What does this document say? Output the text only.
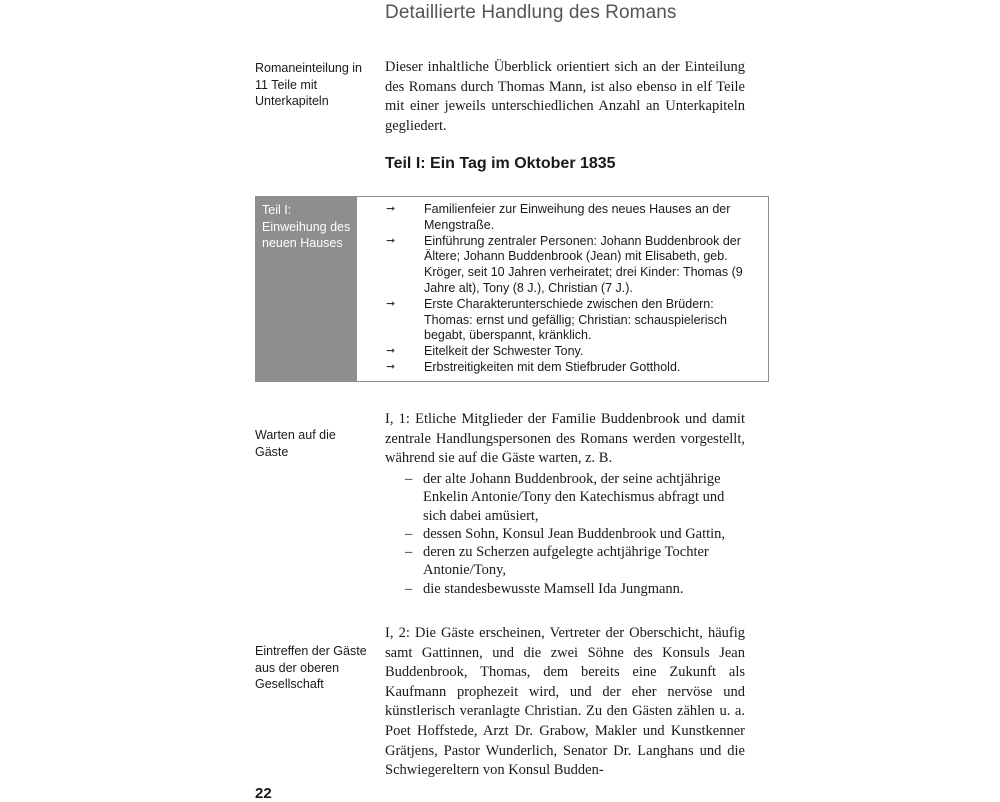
Detaillierte Handlung des Romans
Romaneinteilung in 11 Teile mit Unterkapiteln
Dieser inhaltliche Überblick orientiert sich an der Einteilung des Romans durch Thomas Mann, ist also ebenso in elf Teile mit einer jeweils unterschiedlichen Anzahl an Unterkapiteln gegliedert.
Teil I: Ein Tag im Oktober 1835
Teil I: Einweihung des neuen Hauses
➞ Familienfeier zur Einweihung des neues Hauses an der Mengstraße.
➞ Einführung zentraler Personen: Johann Buddenbrook der Ältere; Johann Buddenbrook (Jean) mit Elisabeth, geb. Kröger, seit 10 Jahren verheiratet; drei Kinder: Thomas (9 Jahre alt), Tony (8 J.), Christian (7 J.).
➞ Erste Charakterunterschiede zwischen den Brüdern: Thomas: ernst und gefällig; Christian: schauspielerisch begabt, überspannt, kränklich.
➞ Eitelkeit der Schwester Tony.
➞ Erbstreitigkeiten mit dem Stiefbruder Gotthold.
Warten auf die Gäste
I, 1: Etliche Mitglieder der Familie Buddenbrook und damit zentrale Handlungspersonen des Romans werden vorgestellt, während sie auf die Gäste warten, z. B.
– der alte Johann Buddenbrook, der seine achtjährige Enkelin Antonie/Tony den Katechismus abfragt und sich dabei amüsiert,
– dessen Sohn, Konsul Jean Buddenbrook und Gattin,
– deren zu Scherzen aufgelegte achtjährige Tochter Antonie/Tony,
– die standesbewusste Mamsell Ida Jungmann.
Eintreffen der Gäste aus der oberen Gesellschaft
I, 2: Die Gäste erscheinen, Vertreter der Oberschicht, häufig samt Gattinnen, und die zwei Söhne des Konsuls Jean Buddenbrook, Thomas, dem bereits eine Zukunft als Kaufmann prophezeit wird, und der eher nervöse und künstlerisch veranlagte Christian. Zu den Gästen zählen u. a. Poet Hoffstede, Arzt Dr. Grabow, Makler und Kunstkenner Grätjens, Pastor Wunderlich, Senator Dr. Langhans und die Schwiegereltern von Konsul Budden-
22
